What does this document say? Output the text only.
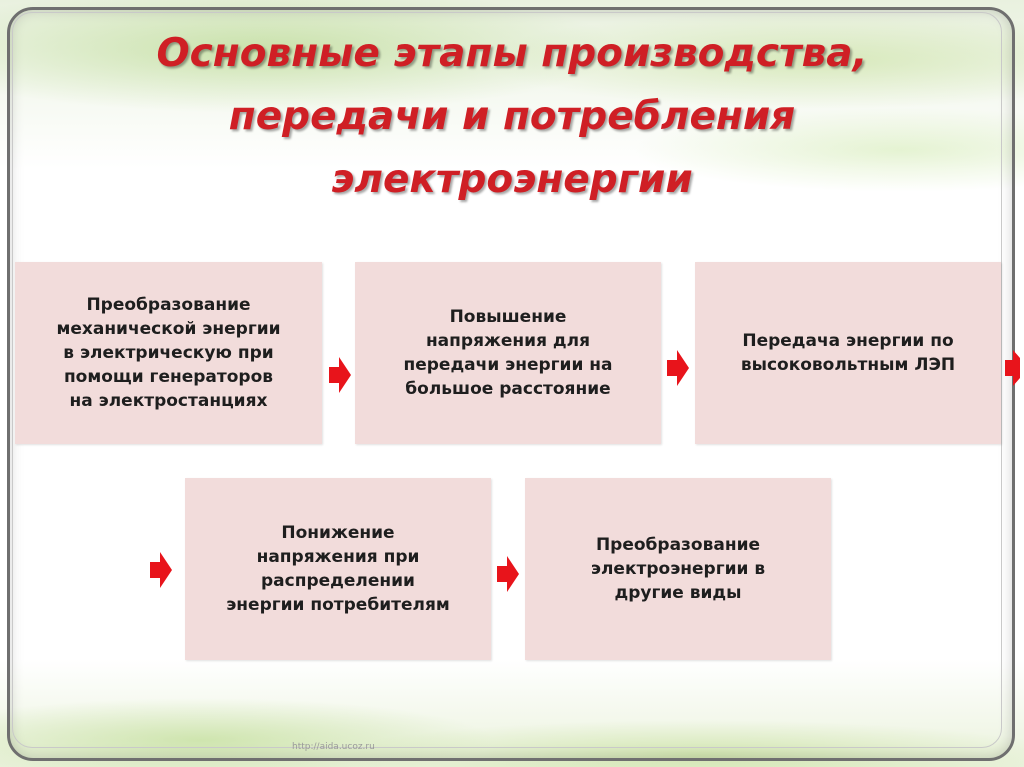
Основные этапы производства,
передачи и потребления
электроэнергии
Преобразование
механической энергии
в электрическую при
помощи генераторов
на электростанциях
Повышение
напряжения для
передачи энергии на
большое расстояние
Передача энергии по
высоковольтным ЛЭП
Понижение
напряжения при
распределении
энергии потребителям
Преобразование
электроэнергии в
другие виды
http://aida.ucoz.ru
